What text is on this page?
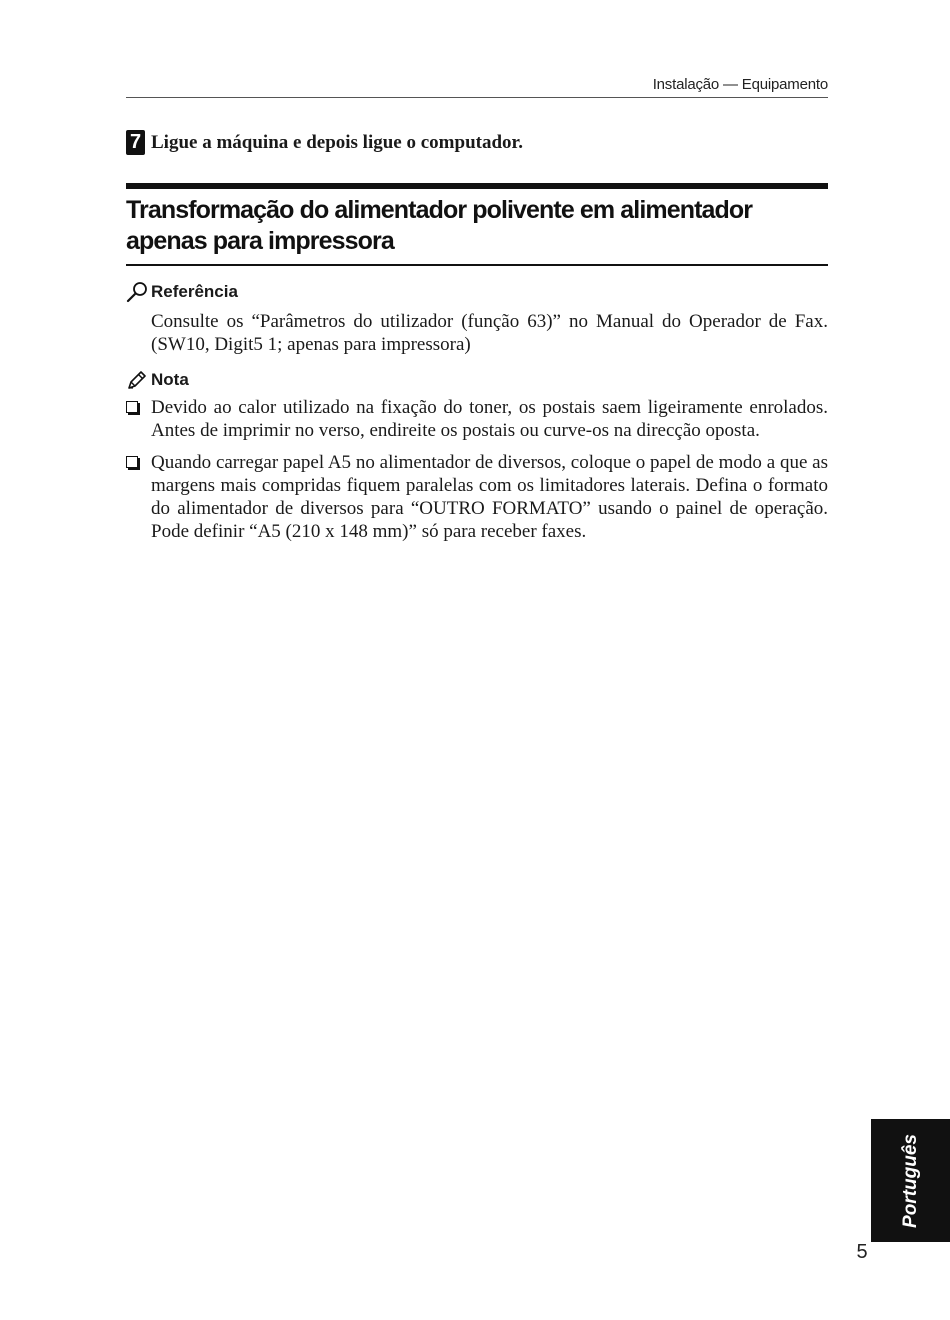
Instalação — Equipamento
7 Ligue a máquina e depois ligue o computador.
Transformação do alimentador polivente em alimentador apenas para impressora
Referência
Consulte os “Parâmetros do utilizador (função 63)” no Manual do Operador de Fax. (SW10, Digit5 1; apenas para impressora)
Nota
Devido ao calor utilizado na fixação do toner, os postais saem ligeiramente enrolados. Antes de imprimir no verso, endireite os postais ou curve-os na direcção oposta.
Quando carregar papel A5 no alimentador de diversos, coloque o papel de modo a que as margens mais compridas fiquem paralelas com os limitadores laterais. Defina o formato do alimentador de diversos para “OUTRO FORMATO” usando o painel de operação. Pode definir “A5 (210 x 148 mm)” só para receber faxes.
Português
5
